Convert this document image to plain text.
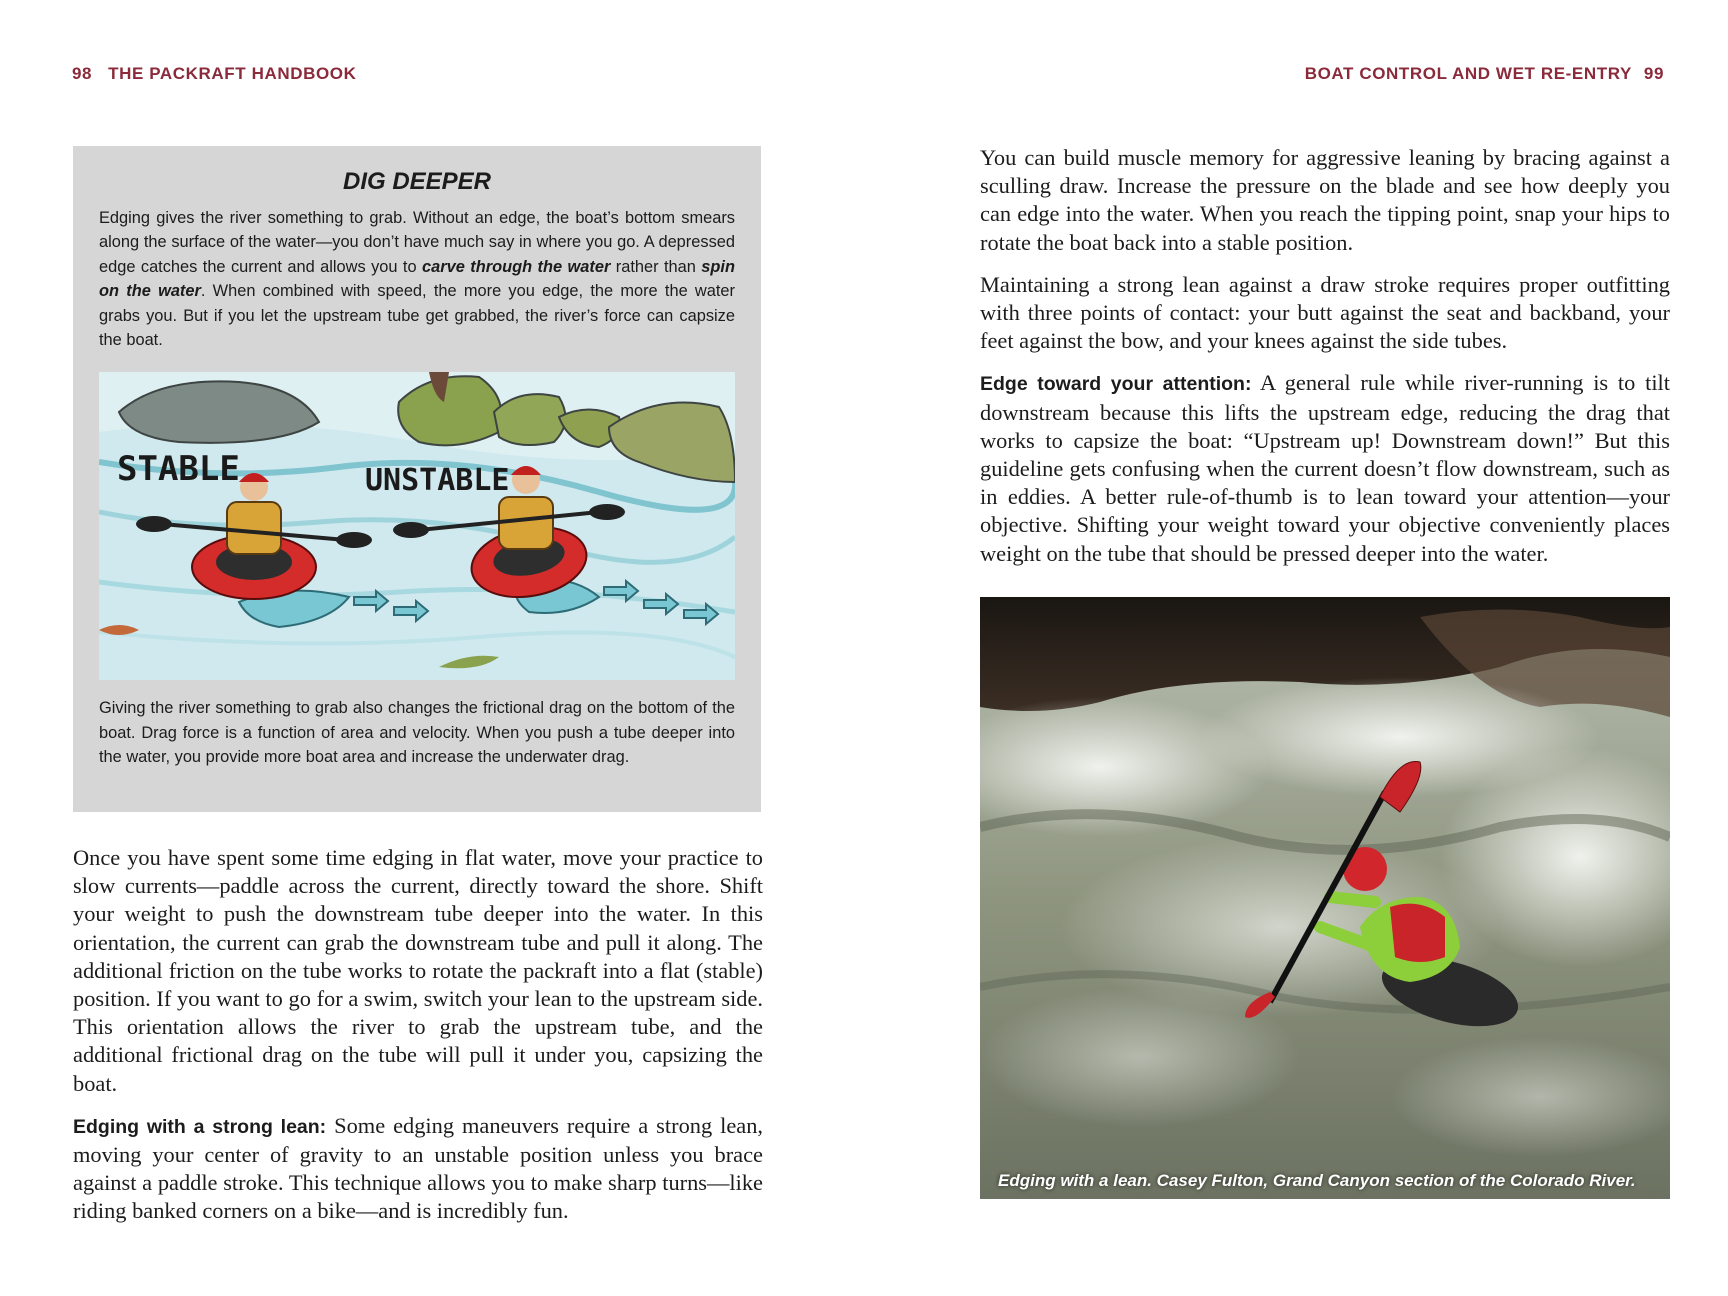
98 THE PACKRAFT HANDBOOK
DIG DEEPER

Edging gives the river something to grab. Without an edge, the boat’s bottom smears along the surface of the water—you don’t have much say in where you go. A depressed edge catches the current and allows you to carve through the water rather than spin on the water. When combined with speed, the more you edge, the more the water grabs you. But if you let the upstream tube get grabbed, the river’s force can capsize the boat.

STABLE	UNSTABLE

Giving the river something to grab also changes the frictional drag on the bottom of the boat. Drag force is a function of area and velocity. When you push a tube deeper into the water, you provide more boat area and increase the underwater drag.

Once you have spent some time edging in flat water, move your practice to slow currents—paddle across the current, directly toward the shore. Shift your weight to push the downstream tube deeper into the water. In this orientation, the current can grab the downstream tube and pull it along. The additional friction on the tube works to rotate the packraft into a flat (stable) position. If you want to go for a swim, switch your lean to the upstream side. This orientation allows the river to grab the upstream tube, and the additional frictional drag on the tube will pull it under you, capsizing the boat.

Edging with a strong lean: Some edging maneuvers require a strong lean, moving your center of gravity to an unstable position unless you brace against a paddle stroke. This technique allows you to make sharp turns—like riding banked corners on a bike—and is incredibly fun.

BOAT CONTROL AND WET RE-ENTRY 99

You can build muscle memory for aggressive leaning by bracing against a sculling draw. Increase the pressure on the blade and see how deeply you can edge into the water. When you reach the tipping point, snap your hips to rotate the boat back into a stable position.

Maintaining a strong lean against a draw stroke requires proper outfitting with three points of contact: your butt against the seat and backband, your feet against the bow, and your knees against the side tubes.

Edge toward your attention: A general rule while river-running is to tilt downstream because this lifts the upstream edge, reducing the drag that works to capsize the boat: “Upstream up! Downstream down!” But this guideline gets confusing when the current doesn’t flow downstream, such as in eddies. A better rule-of-thumb is to lean toward your attention—your objective. Shifting your weight toward your objective conveniently places weight on the tube that should be pressed deeper into the water.

Edging with a lean. Casey Fulton, Grand Canyon section of the Colorado River.
